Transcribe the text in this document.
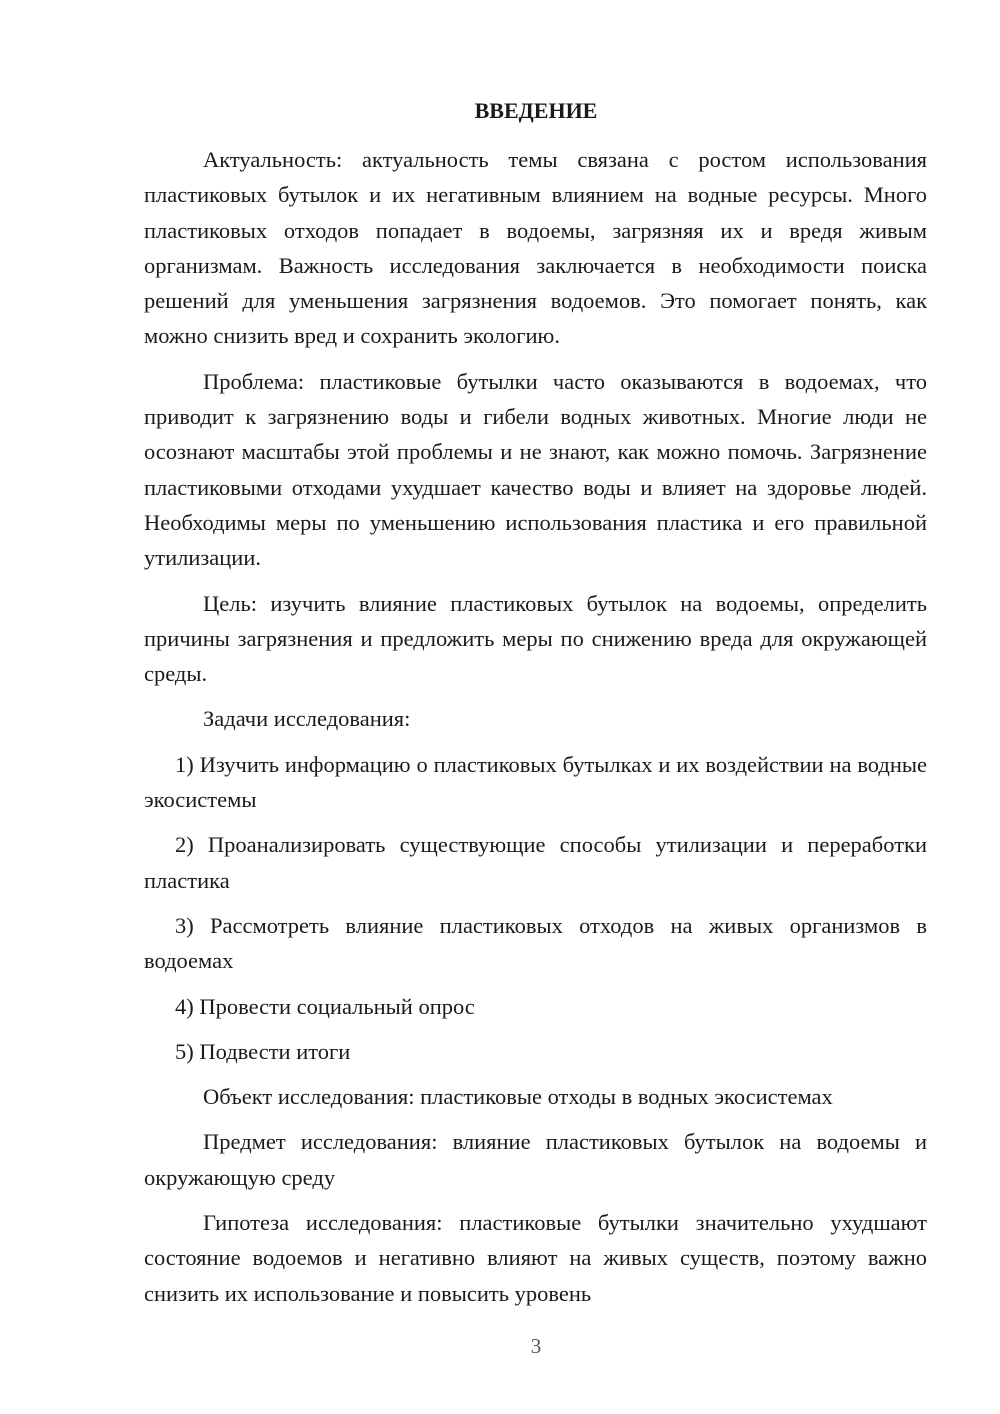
ВВЕДЕНИЕ

Актуальность: актуальность темы связана с ростом использования пластиковых бутылок и их негативным влиянием на водные ресурсы. Много пластиковых отходов попадает в водоемы, загрязняя их и вредя живым организмам. Важность исследования заключается в необходимости поиска решений для уменьшения загрязнения водоемов. Это помогает понять, как можно снизить вред и сохранить экологию.

Проблема: пластиковые бутылки часто оказываются в водоемах, что приводит к загрязнению воды и гибели водных животных. Многие люди не осознают масштабы этой проблемы и не знают, как можно помочь. Загрязнение пластиковыми отходами ухудшает качество воды и влияет на здоровье людей. Необходимы меры по уменьшению использования пластика и его правильной утилизации.

Цель: изучить влияние пластиковых бутылок на водоемы, определить причины загрязнения и предложить меры по снижению вреда для окружающей среды.

Задачи исследования:

1) Изучить информацию о пластиковых бутылках и их воздействии на водные экосистемы

2) Проанализировать существующие способы утилизации и переработки пластика

3) Рассмотреть влияние пластиковых отходов на живых организмов в водоемах

4) Провести социальный опрос

5) Подвести итоги

Объект исследования: пластиковые отходы в водных экосистемах

Предмет исследования: влияние пластиковых бутылок на водоемы и окружающую среду

Гипотеза исследования: пластиковые бутылки значительно ухудшают состояние водоемов и негативно влияют на живых существ, поэтому важно снизить их использование и повысить уровень

3
